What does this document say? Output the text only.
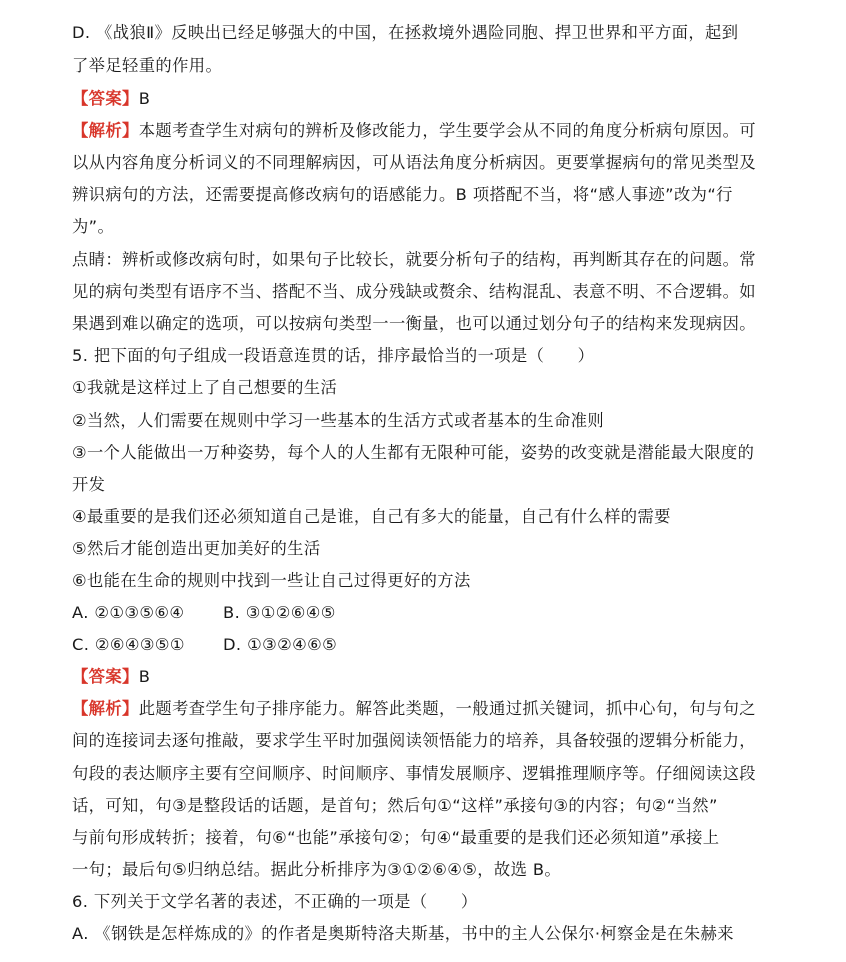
D. 《战狼Ⅱ》反映出已经足够强大的中国，在拯救境外遇险同胞、捍卫世界和平方面，起到
了举足轻重的作用。
【答案】B
【解析】本题考查学生对病句的辨析及修改能力，学生要学会从不同的角度分析病句原因。可
以从内容角度分析词义的不同理解病因，可从语法角度分析病因。更要掌握病句的常见类型及
辨识病句的方法，还需要提高修改病句的语感能力。B 项搭配不当，将“感人事迹”改为“行
为”。
点睛：辨析或修改病句时，如果句子比较长，就要分析句子的结构，再判断其存在的问题。常
见的病句类型有语序不当、搭配不当、成分残缺或赘余、结构混乱、表意不明、不合逻辑。如
果遇到难以确定的选项，可以按病句类型一一衡量，也可以通过划分句子的结构来发现病因。
5. 把下面的句子组成一段语意连贯的话，排序最恰当的一项是（　　）
①我就是这样过上了自己想要的生活
②当然，人们需要在规则中学习一些基本的生活方式或者基本的生命准则
③一个人能做出一万种姿势，每个人的人生都有无限种可能，姿势的改变就是潜能最大限度的
开发
④最重要的是我们还必须知道自己是谁，自己有多大的能量，自己有什么样的需要
⑤然后才能创造出更加美好的生活
⑥也能在生命的规则中找到一些让自己过得更好的方法
A. ②①③⑤⑥④ B. ③①②⑥④⑤
C. ②⑥④③⑤① D. ①③②④⑥⑤
【答案】B
【解析】此题考查学生句子排序能力。解答此类题，一般通过抓关键词，抓中心句，句与句之
间的连接词去逐句推敲，要求学生平时加强阅读领悟能力的培养，具备较强的逻辑分析能力，
句段的表达顺序主要有空间顺序、时间顺序、事情发展顺序、逻辑推理顺序等。仔细阅读这段
话，可知，句③是整段话的话题，是首句；然后句①“这样”承接句③的内容；句②“当然”
与前句形成转折；接着，句⑥“也能”承接句②；句④“最重要的是我们还必须知道”承接上
一句；最后句⑤归纳总结。据此分析排序为③①②⑥④⑤，故选 B。
6. 下列关于文学名著的表述，不正确的一项是（　　）
A. 《钢铁是怎样炼成的》的作者是奥斯特洛夫斯基，书中的主人公保尔·柯察金是在朱赫来
